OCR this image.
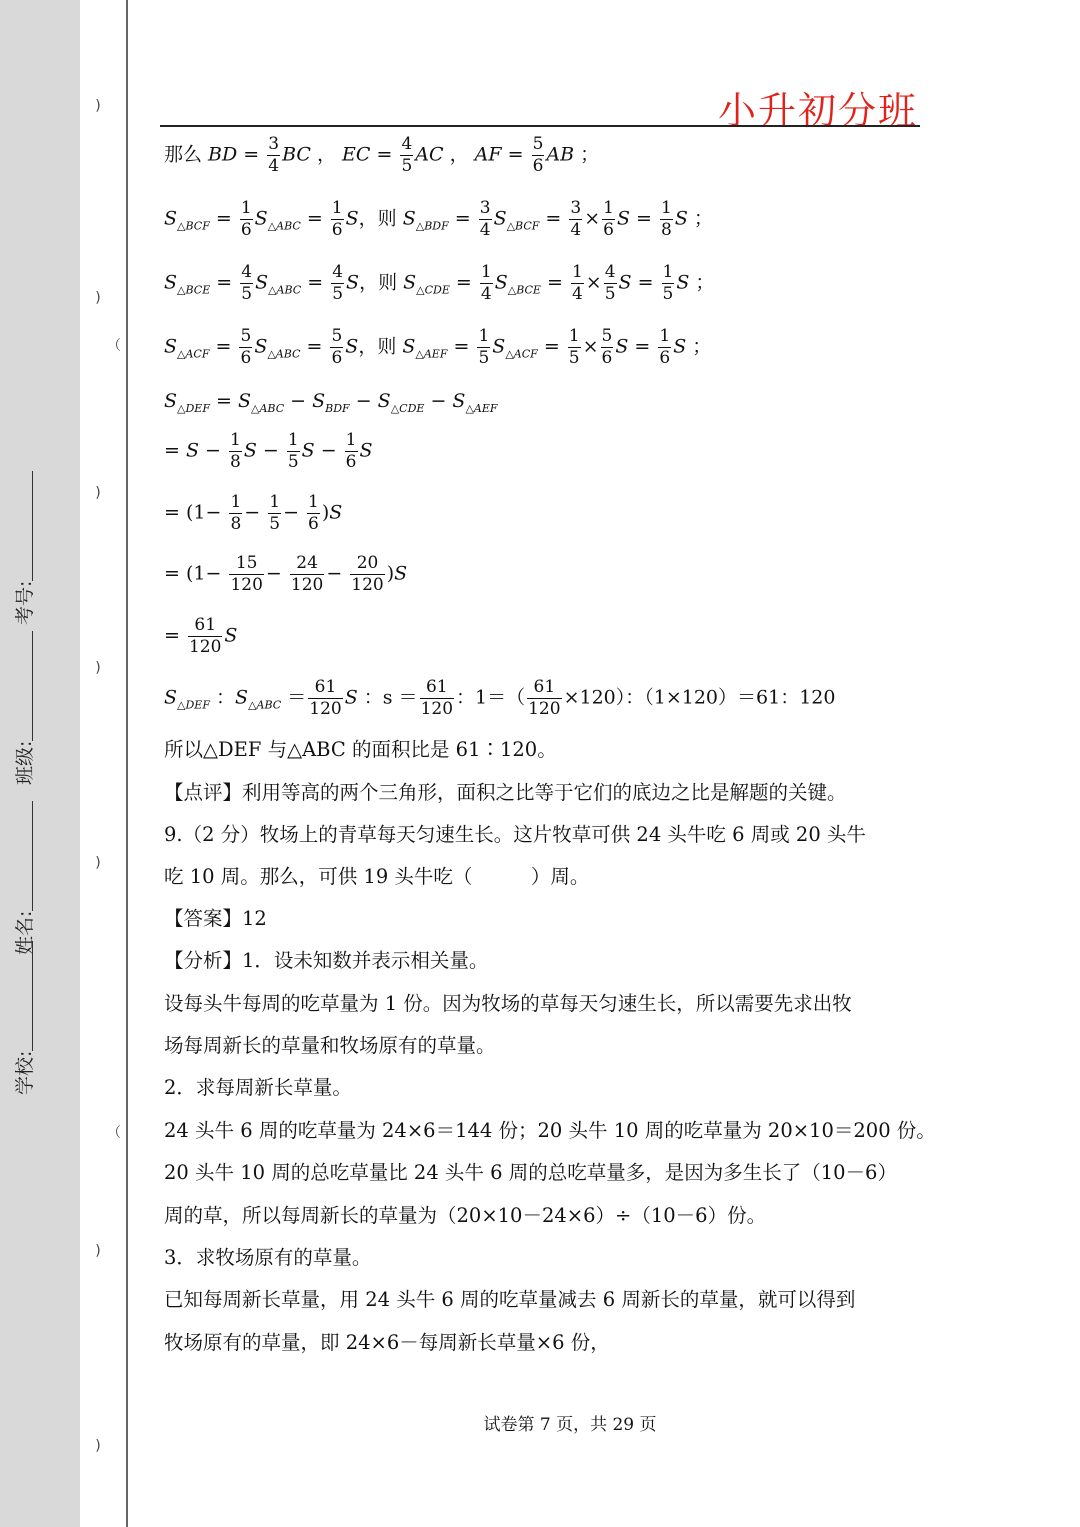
学校:
姓名:
班级:
考号:
)
)
（
)
)
)
（
)
)
小升初分班
那么 BD = $\frac{3}{4}$ BC ， EC = $\frac{4}{5}$ AC ， AF = $\frac{5}{6}$ AB ；
$S_{\triangle BCF} = \frac{1}{6} S_{\triangle ABC} = \frac{1}{6}$ S，则 $S_{\triangle BDF} = \frac{3}{4} S_{\triangle BCF} = \frac{3}{4} \times \frac{1}{6}$ $S = \frac{1}{8}$ S ；
$S_{\triangle BCE} = \frac{4}{5} S_{\triangle ABC} = \frac{4}{5}$ S，则 $S_{\triangle CDE} = \frac{1}{4} S_{\triangle BCE} = \frac{1}{4} \times \frac{4}{5}$ $S = \frac{1}{5}$ S ；
$S_{\triangle ACF} = \frac{5}{6} S_{\triangle ABC} = \frac{5}{6}$ S，则 $S_{\triangle AEF} = \frac{1}{5} S_{\triangle ACF} = \frac{1}{5} \times \frac{5}{6}$ $S = \frac{1}{6}$ S ；
$S_{\triangle DEF} = S_{\triangle ABC} - S_{BDF} - S_{\triangle CDE} - S_{\triangle AEF}$
= $S - \frac{1}{8}$ $S - \frac{1}{5}$ $S - \frac{1}{6}$ S
= $(1- \frac{1}{8} - \frac{1}{5} - \frac{1}{6} )S$
= $(1- \frac{15}{120} - \frac{24}{120} - \frac{20}{120} )S$
= $\frac{61}{120}$ S
$S_{\triangle DEF}$ ：$S_{\triangle ABC} = \frac{61}{120}$ S ：$s = \frac{61}{120}$ ：$1=( \frac{61}{120} \times 120)$：（1×120）＝61：120
所以△DEF 与△ABC 的面积比是 61∶120。
【点评】利用等高的两个三角形，面积之比等于它们的底边之比是解题的关键。
9.（2 分）牧场上的青草每天匀速生长。这片牧草可供 24 头牛吃 6 周或 20 头牛
吃 10 周。那么，可供 19 头牛吃（　　　）周。
【答案】12
【分析】1．设未知数并表示相关量。
设每头牛每周的吃草量为 1 份。因为牧场的草每天匀速生长，所以需要先求出牧
场每周新长的草量和牧场原有的草量。
2．求每周新长草量。
24 头牛 6 周的吃草量为 24×6＝144 份；20 头牛 10 周的吃草量为 20×10＝200 份。
20 头牛 10 周的总吃草量比 24 头牛 6 周的总吃草量多，是因为多生长了（10－6）
周的草，所以每周新长的草量为（20×10－24×6）÷（10－6）份。
3．求牧场原有的草量。
已知每周新长草量，用 24 头牛 6 周的吃草量减去 6 周新长的草量，就可以得到
牧场原有的草量，即 24×6－每周新长草量×6 份，
试卷第 7 页，共 29 页
